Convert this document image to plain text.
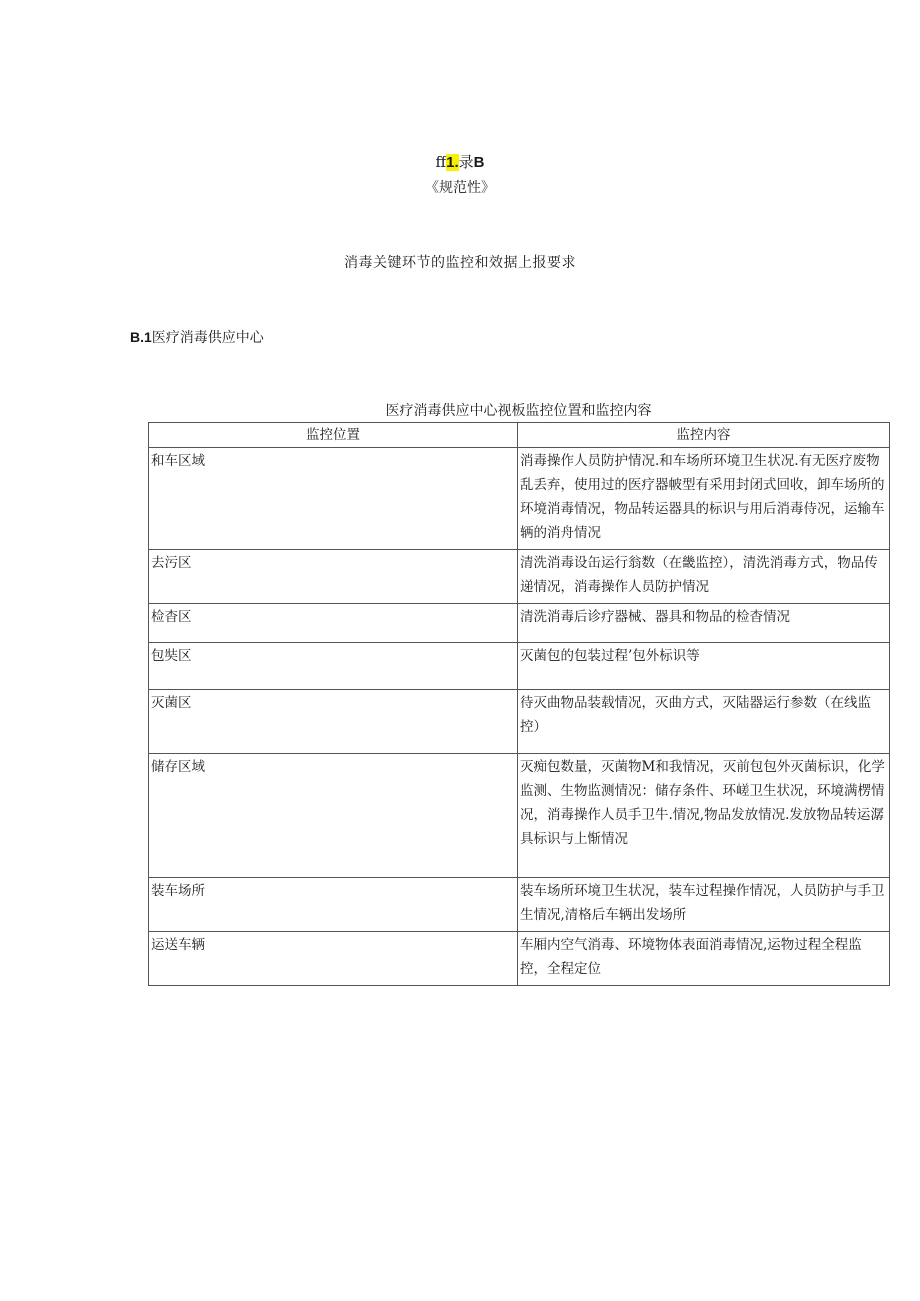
ff1.录B
《规范性》
消毒关键环节的监控和效据上报要求
B.1医疗消毒供应中心
医疗消毒供应中心视板监控位置和监控内容
监控位置	监控内容
和车区域	消毒操作人员防护情况.和车场所环境卫生状况.有无医疗废物乱丢弃，使用过的医疗器帔型有采用封闭式回收，卸车场所的环境消毒情况，物品转运器具的标识与用后消毒侍况，运输车辆的消舟情况
去污区	清洗消毒设缶运行翁数（在畿监控），清洗消毒方式，物品传递情况，消毒操作人员防护情况
检杳区	清洗消毒后诊疗器械、器具和物品的检杳情况
包奘区	灭菌包的包装过程’包外标识等
灭菌区	待灭曲物品装载情况，灭曲方式，灭陆器运行参数（在线监控）
储存区域	灭痴包数量，灭菌物M和我情况，灭前包包外灭菌标识，化学监测、生物监测情况：储存条件、环嵯卫生状况，环境满楞情况，消毒操作人员手卫牛.情况,物品发放情况.发放物品转运潺具标识与上惭情况
装车场所	装车场所环境卫生状况，装车过程操作情况，人员防护与手卫生情况,清格后车辆出发场所
运送车辆	车厢内空气消毒、环境物体表面消毒情况,运物过程全程监控，全程定位
